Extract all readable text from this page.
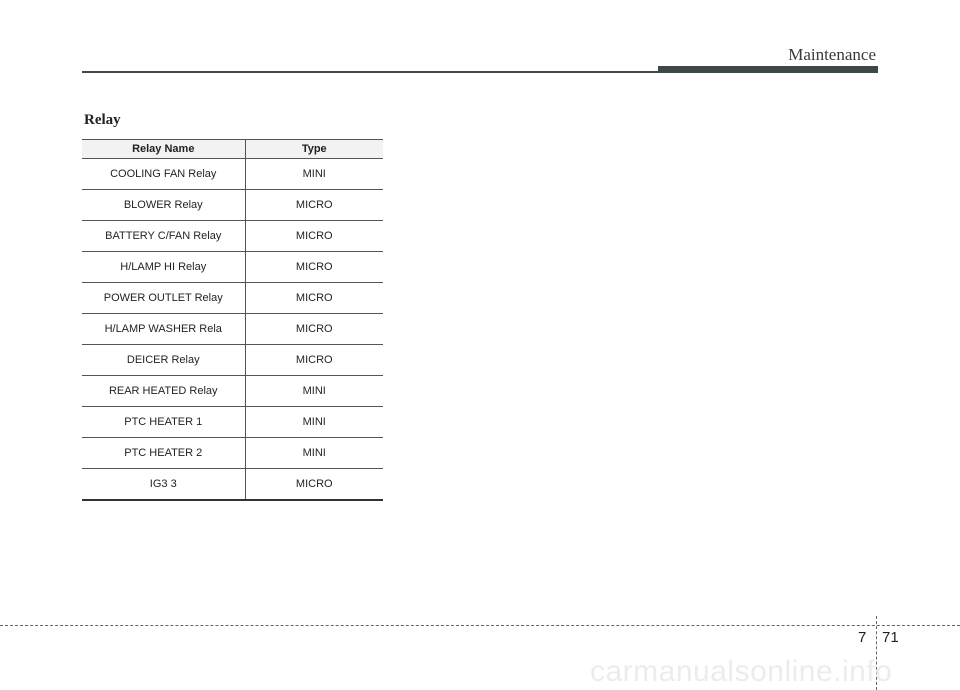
Maintenance
Relay
Relay Name	Type
COOLING FAN Relay	MINI
BLOWER Relay	MICRO
BATTERY C/FAN Relay	MICRO
H/LAMP HI Relay	MICRO
POWER OUTLET Relay	MICRO
H/LAMP WASHER Rela	MICRO
DEICER Relay	MICRO
REAR HEATED Relay	MINI
PTC HEATER 1	MINI
PTC HEATER 2	MINI
IG3 3	MICRO
7 71
carmanualsonline.info
